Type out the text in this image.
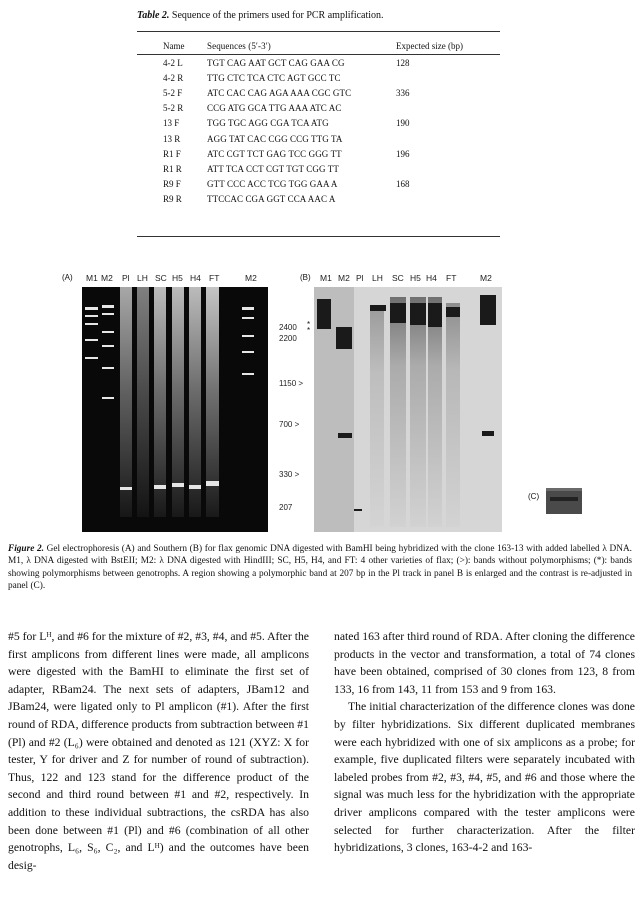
Table 2. Sequence of the primers used for PCR amplification.
Name	Sequences (5′-3′)	Expected size (bp)
4-2 L	TGT CAG AAT GCT CAG GAA CG	128
4-2 R	TTG CTC TCA CTC AGT GCC TC	
5-2 F	ATC CAC CAG AGA AAA CGC GTC	336
5-2 R	CCG ATG GCA TTG AAA ATC AC	
13 F	TGG TGC AGG CGA TCA ATG	190
13 R	AGG TAT CAC CGG CCG TTG TA	
R1 F	ATC CGT TCT GAG TCC GGG TT	196
R1 R	ATT TCA CCT CGT TGT CGG TT	
R9 F	GTT CCC ACC TCG TGG GAA A	168
R9 R	TTCCAC CGA GGT CCA AAC A	
(A) M1 M2 Pl LH SC H5 H4 FT	M2	(B) M1 M2 Pl LH SC H5 H4 FT	M2
2400
2200
1150 >
700 >
330 >
207
*
*
(C)
Figure 2. Gel electrophoresis (A) and Southern (B) for flax genomic DNA digested with BamHI being hybridized with the clone 163-13 with added labelled λ DNA. M1, λ DNA digested with BstEII; M2: λ DNA digested with HindIII; SC, H5, H4, and FT: 4 other varieties of flax; (>): bands without polymorphisms; (*): bands showing polymorphisms between genotrophs. A region showing a polymorphic band at 207 bp in the Pl track in panel B is enlarged and the contrast is re-adjusted in panel (C).

#5 for Lᴴ, and #6 for the mixture of #2, #3, #4, and #5. After the first amplicons from different lines were made, all amplicons were digested with the BamHI to eliminate the first set of adapter, RBam24. The next sets of adapters, JBam12 and JBam24, were ligated only to Pl amplicon (#1). After the first round of RDA, difference products from subtraction between #1 (Pl) and #2 (L₆) were obtained and denoted as 121 (XYZ: X for tester, Y for driver and Z for number of round of subtraction). Thus, 122 and 123 stand for the difference product of the second and third round between #1 and #2, respectively. In addition to these individual subtractions, the csRDA has also been done between #1 (Pl) and #6 (combination of all other genotrophs, L₆, S₆, C₂, and Lᴴ) and the outcomes have been desig-

nated 163 after third round of RDA. After cloning the difference products in the vector and transformation, a total of 74 clones have been obtained, comprised of 30 clones from 123, 8 from 133, 16 from 143, 11 from 153 and 9 from 163.

The initial characterization of the difference clones was done by filter hybridizations. Six different duplicated membranes were each hybridized with one of six amplicons as a probe; for example, five duplicated filters were separately incubated with labeled probes from #2, #3, #4, #5, and #6 and those where the signal was much less for the hybridization with the appropriate driver amplicons compared with the tester amplicons were selected for further characterization. After the filter hybridizations, 3 clones, 163-4-2 and 163-
